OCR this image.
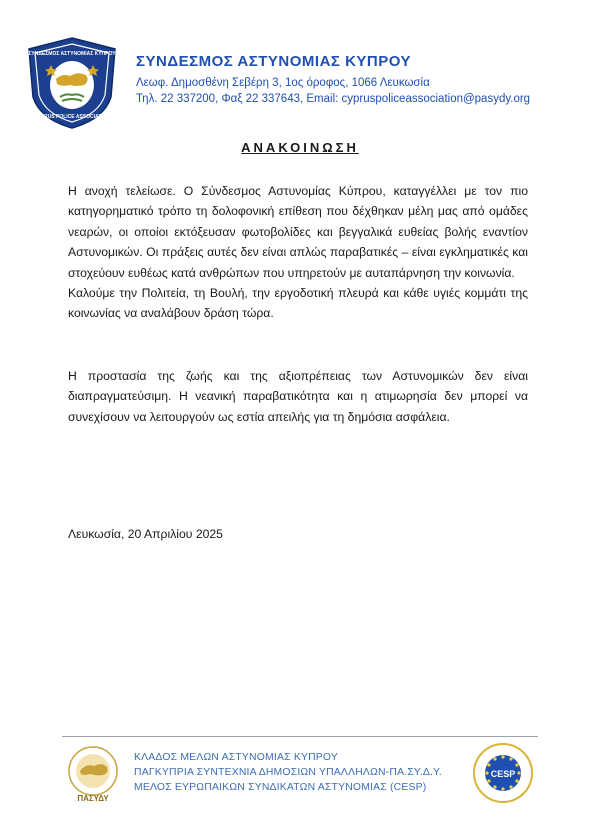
ΣΥΝΔΕΣΜΟΣ ΑΣΤΥΝΟΜΙΑΣ ΚΥΠΡΟΥ
CYPRUS POLICE ASSOCIATION
ΣΥΝΔΕΣΜΟΣ ΑΣΤΥΝΟΜΙΑΣ ΚΥΠΡΟΥ
Λεωφ. Δημοσθένη Σεβέρη 3, 1ος όροφος, 1066 Λευκωσία
Τηλ. 22 337200, Φαξ 22 337643, Email: cypruspoliceassociation@pasydy.org
ΑΝΑΚΟΙΝΩΣΗ

Η ανοχή τελείωσε. Ο Σύνδεσμος Αστυνομίας Κύπρου, καταγγέλλει με τον πιο κατηγορηματικό τρόπο τη δολοφονική επίθεση που δέχθηκαν μέλη μας από ομάδες νεαρών, οι οποίοι εκτόξευσαν φωτοβολίδες και βεγγαλικά ευθείας βολής εναντίον Αστυνομικών. Οι πράξεις αυτές δεν είναι απλώς παραβατικές – είναι εγκληματικές και στοχεύουν ευθέως κατά ανθρώπων που υπηρετούν με αυταπάρνηση την κοινωνία.
Καλούμε την Πολιτεία, τη Βουλή, την εργοδοτική πλευρά και κάθε υγιές κομμάτι της κοινωνίας να αναλάβουν δράση τώρα.

Η προστασία της ζωής και της αξιοπρέπειας των Αστυνομικών δεν είναι διαπραγματεύσιμη. Η νεανική παραβατικότητα και η ατιμωρησία δεν μπορεί να συνεχίσουν να λειτουργούν ως εστία απειλής για τη δημόσια ασφάλεια.

Λευκωσία, 20 Απριλίου 2025
ΠΑΣΥΔΥ
ΚΛΑΔΟΣ ΜΕΛΩΝ ΑΣΤΥΝΟΜΙΑΣ ΚΥΠΡΟΥ
ΠΑΓΚΥΠΡΙΑ ΣΥΝΤΕΧΝΙΑ ΔΗΜΟΣΙΩΝ ΥΠΑΛΛΗΛΩΝ-ΠΑ.ΣΥ.Δ.Υ.
ΜΕΛΟΣ ΕΥΡΩΠΑΙΚΩΝ ΣΥΝΔΙΚΑΤΩΝ ΑΣΤΥΝΟΜΙΑΣ (CESP)
CESP
